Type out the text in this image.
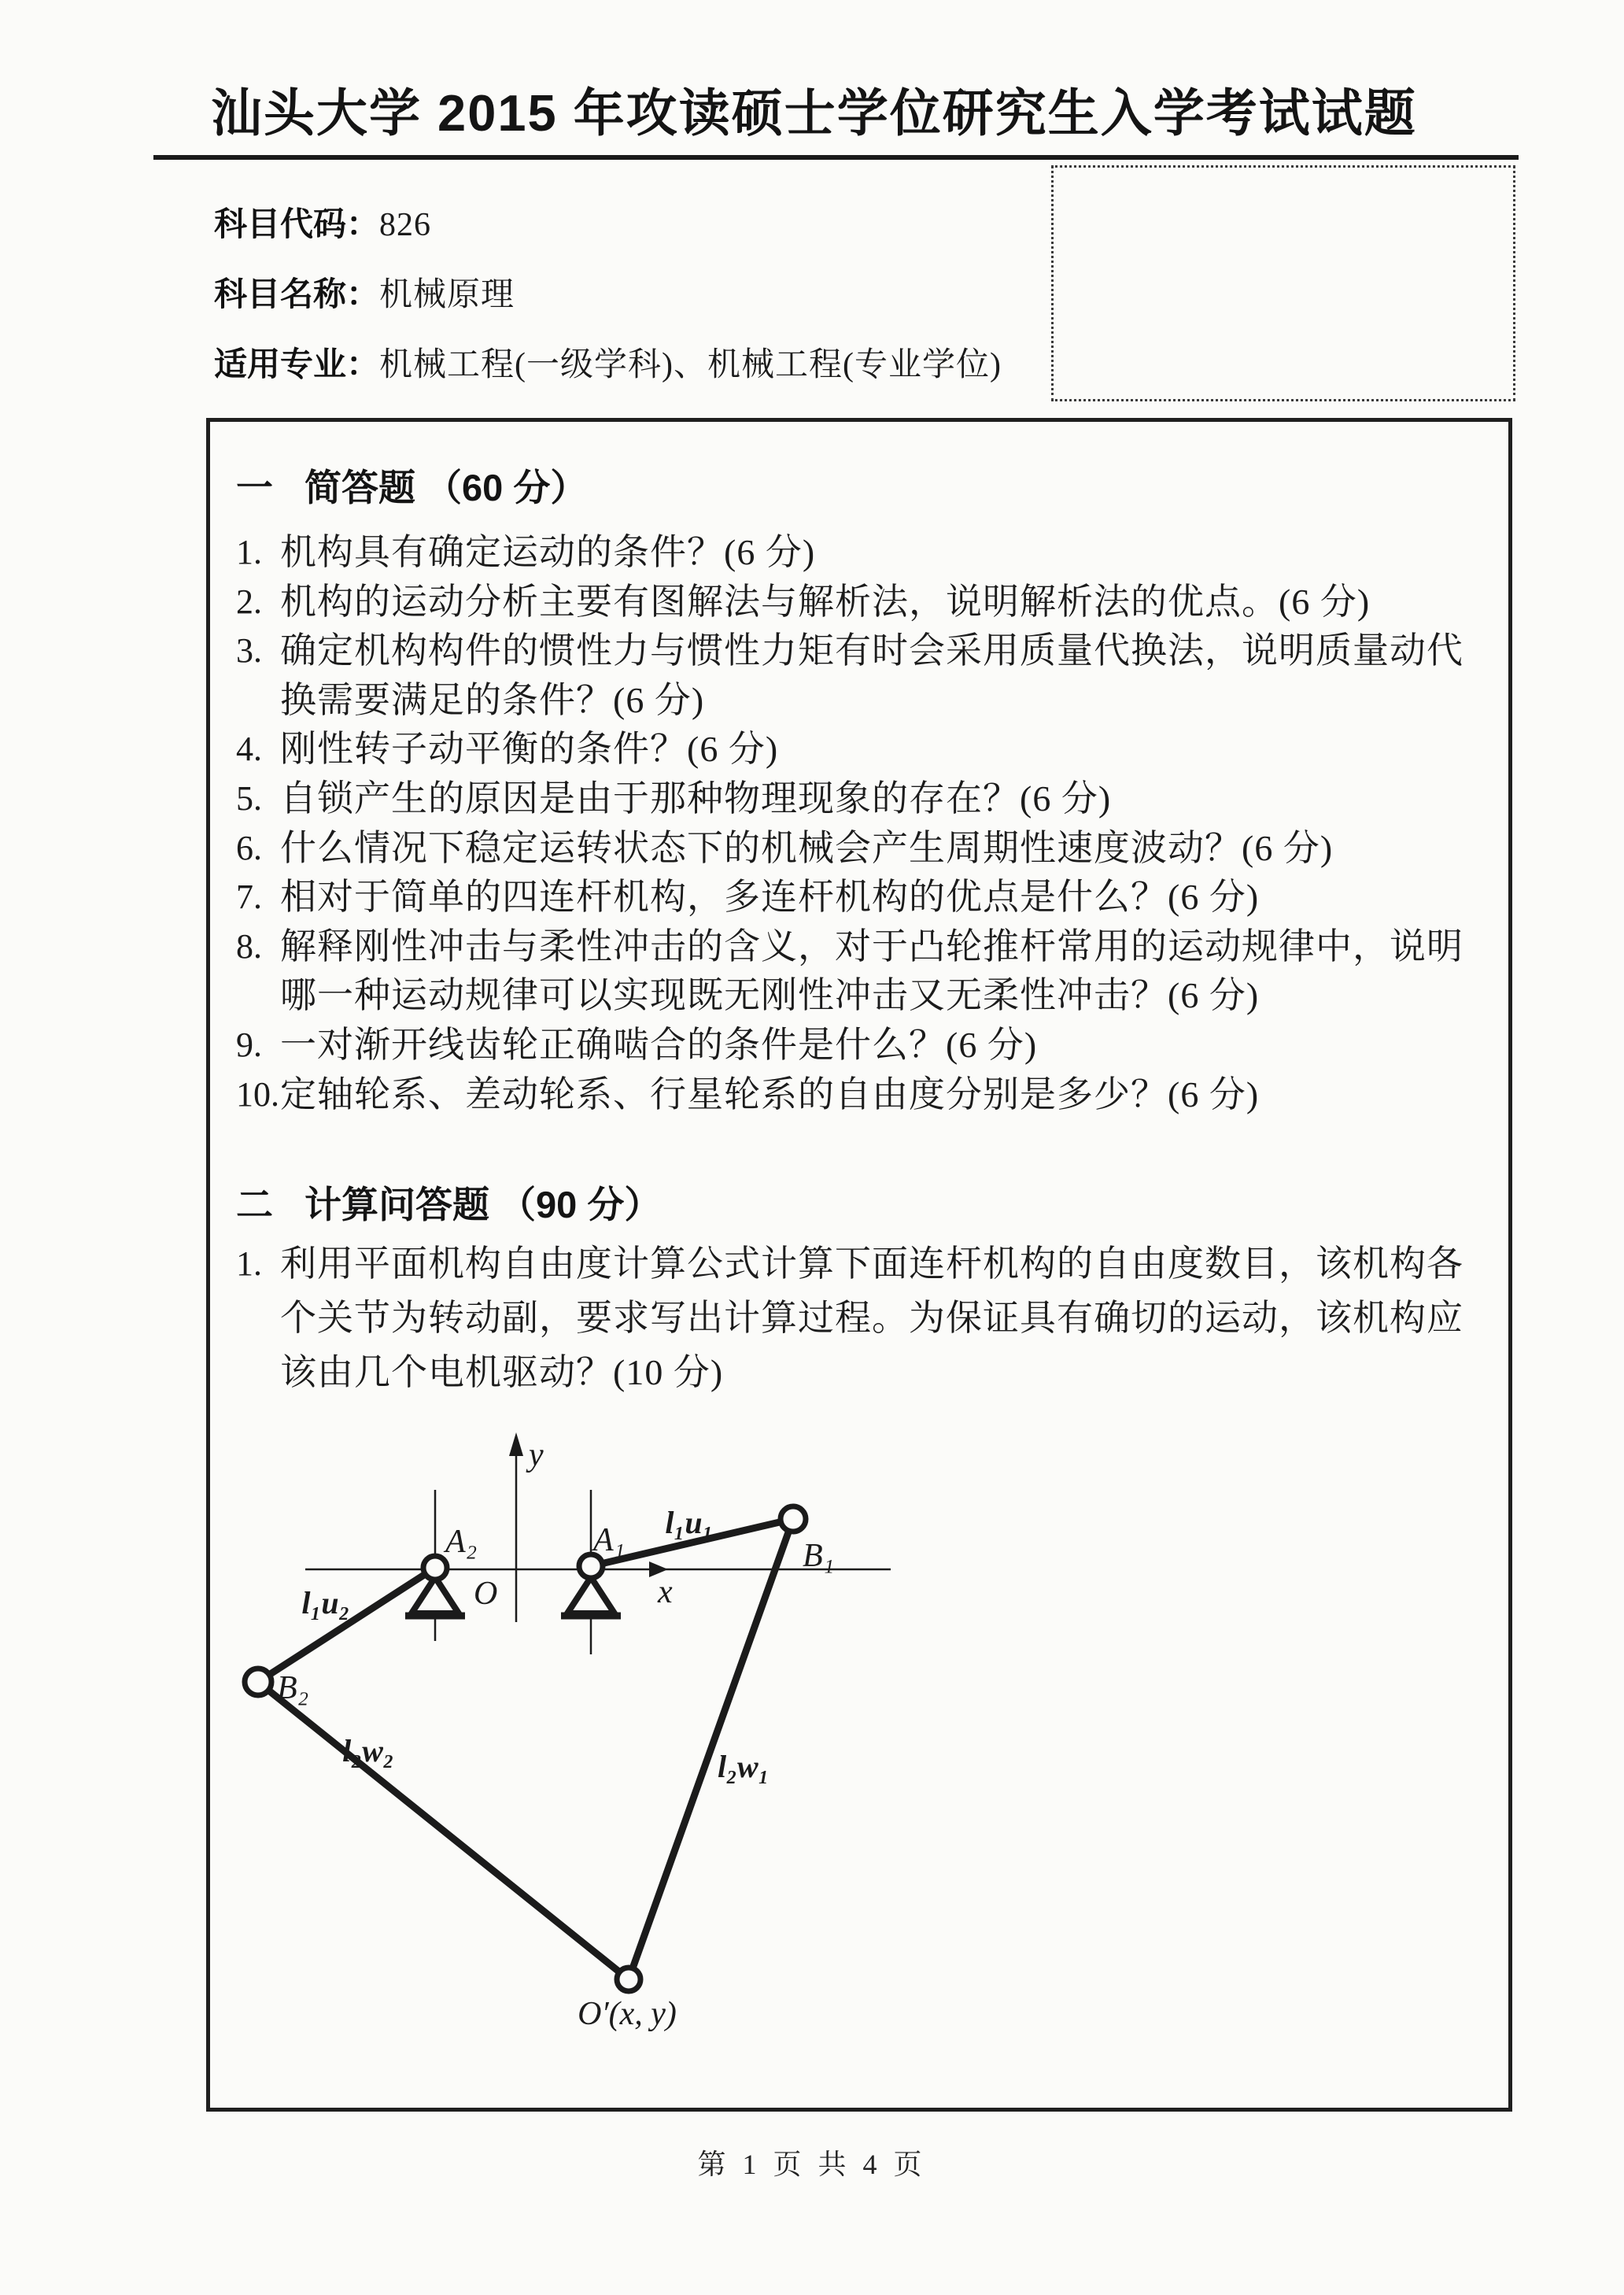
汕头大学 2015 年攻读硕士学位研究生入学考试试题
科目代码： 826
科目名称： 机械原理
适用专业： 机械工程(一级学科)、机械工程(专业学位)
一 简答题 （60 分）
1. 机构具有确定运动的条件？(6 分)
2. 机构的运动分析主要有图解法与解析法，说明解析法的优点。(6 分)
3. 确定机构构件的惯性力与惯性力矩有时会采用质量代换法，说明质量动代换需要满足的条件？(6 分)
4. 刚性转子动平衡的条件？(6 分)
5. 自锁产生的原因是由于那种物理现象的存在？(6 分)
6. 什么情况下稳定运转状态下的机械会产生周期性速度波动？(6 分)
7. 相对于简单的四连杆机构，多连杆机构的优点是什么？(6 分)
8. 解释刚性冲击与柔性冲击的含义，对于凸轮推杆常用的运动规律中，说明哪一种运动规律可以实现既无刚性冲击又无柔性冲击？(6 分)
9. 一对渐开线齿轮正确啮合的条件是什么？(6 分)
10. 定轴轮系、差动轮系、行星轮系的自由度分别是多少？(6 分)
二 计算问答题 （90 分）
1. 利用平面机构自由度计算公式计算下面连杆机构的自由度数目，该机构各个关节为转动副，要求写出计算过程。为保证具有确切的运动，该机构应该由几个电机驱动？(10 分)
y
x
O
A₂	A₁	B₁
B₂
l₁u₁
l₁u₂
l₂w₁
l₂w₂
O′(x, y)
第 1 页 共 4 页
